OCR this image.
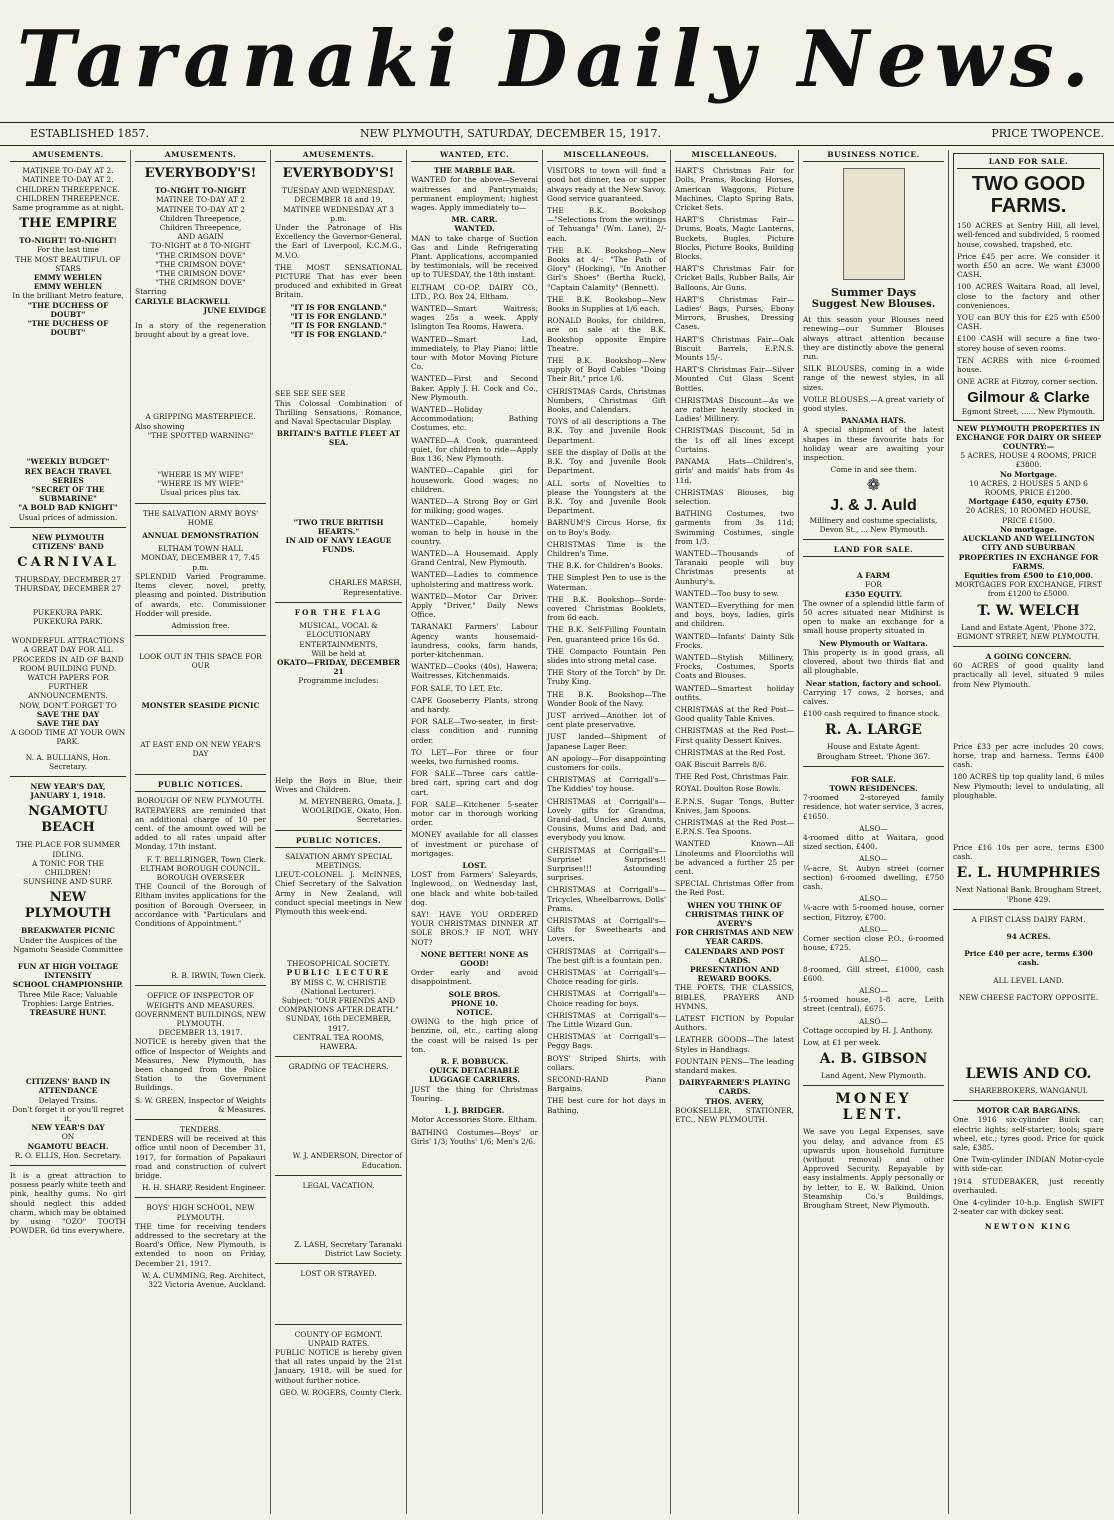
Taranaki Daily News.
ESTABLISHED 1857.	NEW PLYMOUTH, SATURDAY, DECEMBER 15, 1917.	PRICE TWOPENCE.
AMUSEMENTS.
MATINEE TO-DAY AT 2.
MATINEE TO-DAY AT 2.
CHILDREN THREEPENCE.
CHILDREN THREEPENCE.
Same programme as at night.
THE EMPIRE
TO-NIGHT! TO-NIGHT!
For the last time
THE MOST BEAUTIFUL OF STARS
EMMY WEHLEN
EMMY WEHLEN
In the brilliant Metro feature,
"THE DUCHESS OF DOUBT"
"THE DUCHESS OF DOUBT"
"WEEKLY BUDGET"
REX BEACH TRAVEL SERIES
"SECRET OF THE SUBMARINE"
"A BOLD BAD KNIGHT"
Usual prices of admission.
NEW PLYMOUTH CITIZENS' BAND
CARNIVAL
THURSDAY, DECEMBER 27
THURSDAY, DECEMBER 27
PUKEKURA PARK.
PUKEKURA PARK.
WONDERFUL ATTRACTIONS
A GREAT DAY FOR ALL
PROCEEDS IN AID OF BAND ROOM BUILDING FUND.
WATCH PAPERS FOR FURTHER ANNOUNCEMENTS.
NOW, DON'T FORGET TO
SAVE THE DAY
SAVE THE DAY
A GOOD TIME AT YOUR OWN PARK.
N. A. BULLIANS, Hon. Secretary.
NEW YEAR'S DAY, JANUARY 1, 1918.
NGAMOTU BEACH
THE PLACE FOR SUMMER IDLING.
A TONIC FOR THE CHILDREN!
SUNSHINE AND SURF.
NEW PLYMOUTH
BREAKWATER PICNIC
Under the Auspices of the Ngamotu Seaside Committee
FUN AT HIGH VOLTAGE INTENSITY
SCHOOL CHAMPIONSHIP.
Three Mile Race; Valuable Trophies: Large Entries.
TREASURE HUNT.
CITIZENS' BAND IN ATTENDANCE
Delayed Trains.
Don't forget it or you'll regret it,
NEW YEAR'S DAY
ON
NGAMOTU BEACH.
R. O. ELLIS, Hon. Secretary.
It is a great attraction to possess pearly white teeth and pink, healthy gums. No girl should neglect this added charm, which may be obtained by using "OZO" TOOTH POWDER. 6d tins everywhere.
AMUSEMENTS.
EVERYBODY'S!
TO-NIGHT TO-NIGHT
MATINEE TO-DAY AT 2
MATINEE TO-DAY AT 2
Children Threepence,
Children Threepence,
AND AGAIN
TO-NIGHT at 8 TO-NIGHT
"THE CRIMSON DOVE"
"THE CRIMSON DOVE"
"THE CRIMSON DOVE"
"THE CRIMSON DOVE"
Starring
CARLYLE BLACKWELL
JUNE ELVIDGE
In a story of the regeneration brought about by a great love.
A GRIPPING MASTERPIECE.
Also showing
"THE SPOTTED WARNING"
"WHERE IS MY WIFE"
"WHERE IS MY WIFE"
Usual prices plus tax.
THE SALVATION ARMY BOYS' HOME
ANNUAL DEMONSTRATION
ELTHAM TOWN HALL
MONDAY, DECEMBER 17, 7.45 p.m.
SPLENDID Varied Programme. Items clever, novel, pretty, pleasing and pointed. Distribution of awards, etc. Commissioner Hodder will preside.
Admission free.
LOOK OUT IN THIS SPACE FOR OUR
MONSTER SEASIDE PICNIC
AT EAST END ON NEW YEAR'S DAY
PUBLIC NOTICES.
BOROUGH OF NEW PLYMOUTH.
RATEPAYERS are reminded that an additional charge of 10 per cent. of the amount owed will be added to all rates unpaid after Monday, 17th instant.
F. T. BELLRINGER, Town Clerk.
ELTHAM BOROUGH COUNCIL.
BOROUGH OVERSEER
THE Council of the Borough of Eltham invites applications for the position of Borough Overseer, in accordance with "Particulars and Conditions of Appointment."
R. B. IRWIN, Town Clerk.
OFFICE OF INSPECTOR OF WEIGHTS AND MEASURES.
GOVERNMENT BUILDINGS, NEW PLYMOUTH.
DECEMBER 13, 1917.
NOTICE is hereby given that the office of Inspector of Weights and Measures, New Plymouth, has been changed from the Police Station to the Government Buildings.
S. W. GREEN, Inspector of Weights & Measures.
TENDERS.
TENDERS will be received at this office until noon of December 31, 1917, for formation of Papakauri road and construction of culvert bridge.
H. H. SHARP, Resident Engineer.
BOYS' HIGH SCHOOL, NEW PLYMOUTH.
THE time for receiving tenders addressed to the secretary at the Board's Office, New Plymouth, is extended to noon on Friday, December 21, 1917.
W. A. CUMMING, Reg. Architect, 322 Victoria Avenue, Auckland.
AMUSEMENTS.
EVERYBODY'S!
TUESDAY AND WEDNESDAY.
DECEMBER 18 and 19.
MATINEE WEDNESDAY AT 3 p.m.
Under the Patronage of His Excellency the Governor-General, the Earl of Liverpool, K.C.M.G., M.V.O.
THE MOST SENSATIONAL PICTURE That has ever been produced and exhibited in Great Britain.
"IT IS FOR ENGLAND."
"IT IS FOR ENGLAND."
"IT IS FOR ENGLAND."
"IT IS FOR ENGLAND."
SEE SEE SEE SEE
This Colossal Combination of Thrilling Sensations, Romance, and Naval Spectacular Display.
BRITAIN'S BATTLE FLEET AT SEA.
"TWO TRUE BRITISH HEARTS."
IN AID OF NAVY LEAGUE FUNDS.
CHARLES MARSH, Representative.
FOR THE FLAG
MUSICAL, VOCAL & ELOCUTIONARY ENTERTAINMENTS,
Will be held at
OKATO—FRIDAY, DECEMBER 21
Programme includes:
Help the Boys in Blue, their Wives and Children.
M. MEYENBERG, Omata, J. WOOLRIDGE, Okato, Hon. Secretaries.
PUBLIC NOTICES.
SALVATION ARMY SPECIAL MEETINGS.
LIEUT.-COLONEL J. McINNES, Chief Secretary of the Salvation Army in New Zealand, will conduct special meetings in New Plymouth this week-end.
THEOSOPHICAL SOCIETY.
PUBLIC LECTURE
BY MISS C. W. CHRISTIE (National Lecturer).
Subject: "OUR FRIENDS AND COMPANIONS AFTER DEATH."
SUNDAY, 16th DECEMBER, 1917.
CENTRAL TEA ROOMS, HAWERA.
GRADING OF TEACHERS.
W. J. ANDERSON, Director of Education.
LEGAL VACATION.
Z. LASH, Secretary Taranaki District Law Society.
LOST OR STRAYED.
COUNTY OF EGMONT.
UNPAID RATES.
PUBLIC NOTICE is hereby given that all rates unpaid by the 21st January, 1918, will be sued for without further notice.
GEO. W. ROGERS, County Clerk.
WANTED, ETC.
THE MARBLE BAR.
WANTED for the above—Several waitresses and Pantrymaids; permanent employment; highest wages. Apply immediately to—
MR. CARR.
WANTED.
MAN to take charge of Suction Gas and Linde Refrigerating Plant. Applications, accompanied by testimonials, will be received up to TUESDAY, the 18th instant.
ELTHAM CO-OP. DAIRY CO., LTD., P.O. Box 24, Eltham.
WANTED—Smart Waitress; wages 25s a week. Apply Islington Tea Rooms, Hawera.
WANTED—Smart Lad, immediately, to Play Piano; little tour with Motor Moving Picture Co.
WANTED—First and Second Baker. Apply J. H. Cock and Co., New Plymouth.
WANTED—Holiday Accommodation; Bathing Costumes, etc.
WANTED—A Cook, guaranteed quiet, for children to ride—Apply Box 136, New Plymouth.
WANTED—Capable girl for housework. Good wages; no children.
WANTED—A Strong Boy or Girl for milking; good wages.
WANTED—Capable, homely woman to help in house in the country.
WANTED—A Housemaid. Apply Grand Central, New Plymouth.
WANTED—Ladies to commence upholstering and mattress work.
WANTED—Motor Car Driver. Apply "Driver," Daily News Office.
TARANAKI Farmers' Labour Agency wants housemaid-laundress, cooks, farm hands, porter-kitchenman.
WANTED—Cooks (40s), Hawera; Waitresses, Kitchenmaids.
FOR SALE, TO LET, Etc.
CAPE Gooseberry Plants, strong and hardy.
FOR SALE—Two-seater, in first-class condition and running order.
TO LET—For three or four weeks, two furnished rooms.
FOR SALE—Three cars cattle-bred cart, spring cart and dog cart.
FOR SALE—Kitchener 5-seater motor car in thorough working order.
MONEY available for all classes of investment or purchase of mortgages.
LOST.
LOST from Farmers' Saleyards, Inglewood, on Wednesday last, one black and white bob-tailed dog.
SAY! HAVE YOU ORDERED YOUR CHRISTMAS DINNER AT SOLE BROS.? IF NOT, WHY NOT?
NONE BETTER! NONE AS GOOD!
Order early and avoid disappointment.
SOLE BROS.
PHONE 10.
NOTICE.
OWING to the high price of benzine, oil, etc., carting along the coast will be raised 1s per ton.
R. F. BOBBUCK.
QUICK DETACHABLE LUGGAGE CARRIERS.
JUST the thing for Christmas Touring.
I. J. BRIDGER.
Motor Accessories Store. Eltham.
BATHING Costumes—Boys' or Girls' 1/3; Youths' 1/6; Men's 2/6.
MISCELLANEOUS.
VISITORS to town will find a good hot dinner, tea or supper always ready at the New Savoy. Good service guaranteed.
THE B.K. Bookshop—"Selections from the writings of Tehuanga" (Wm. Lane), 2/- each.
THE B.K. Bookshop—New Books at 4/-: "The Path of Glory" (Hocking), "In Another Girl's Shoes" (Bertha Ruck), "Captain Calamity" (Bennett).
THE B.K. Bookshop—New Books in Supplies at 1/6 each.
RONALD Books, for children, are on sale at the B.K. Bookshop opposite Empire Theatre.
THE B.K. Bookshop—New supply of Boyd Cables "Doing Their Bit," price 1/6.
CHRISTMAS Cards, Christmas Numbers, Christmas Gift Books, and Calendars.
TOYS of all descriptions a The B.K. Toy and Juvenile Book Department.
SEE the display of Dolls at the B.K. Toy and Juvenile Book Department.
ALL sorts of Novelties to please the Youngsters at the B.K. Toy and Juvenile Book Department.
BARNUM'S Circus Horse, fix on to Boy's Body.
CHRISTMAS Time is the Children's Time.
THE B.K. for Children's Books.
THE Simplest Pen to use is the Waterman.
THE B.K. Bookshop—Sorde-covered Christmas Booklets, from 6d each.
THE B.K. Self-Filling Fountain Pen, guaranteed price 16s 6d.
THE Compacto Fountain Pen slides into strong metal case.
THE Story of the Torch" by Dr. Truby King.
THE B.K. Bookshop—The Wonder Book of the Navy.
JUST arrived—Another lot of cent plate preservative.
JUST landed—Shipment of Japanese Lager Beer.
AN apology—For disappointing customers for coils.
CHRISTMAS at Corrigall's—The Kiddies' toy house.
CHRISTMAS at Corrigall's—Lovely gifts for Grandma, Grand-dad, Uncles and Aunts, Cousins, Mums and Dad, and everybody you know.
CHRISTMAS at Corrigall's—Surprise! Surprises!! Surprises!!! Astounding surprises.
CHRISTMAS at Corrigall's—Tricycles, Wheelbarrows, Dolls' Prams.
CHRISTMAS at Corrigall's—Gifts for Sweethearts and Lovers.
CHRISTMAS at Corrigall's—The best gift is a fountain pen.
CHRISTMAS at Corrigall's—Choice reading for girls.
CHRISTMAS at Corrigall's—Choice reading for boys.
CHRISTMAS at Corrigall's—The Little Wizard Gun.
CHRISTMAS at Corrigall's—Peggy Bags.
BOYS' Striped Shirts, with collars.
SECOND-HAND Piano Bargains.
THE best cure for hot days in Bathing.
MISCELLANEOUS.
HART'S Christmas Fair for Dolls, Prams, Rocking Horses, American Waggons, Picture Machines, Clapto Spring Bats, Cricket Sets.
HART'S Christmas Fair—Drums, Boats, Magic Lanterns, Buckets, Bugles, Picture Blocks, Picture Books, Building Blocks.
HART'S Christmas Fair for Cricket Balls, Rubber Balls, Air Balloons, Air Guns.
HART'S Christmas Fair—Ladies' Bags, Purses, Ebony Mirrors, Brushes, Dressing Cases.
HART'S Christmas Fair—Oak Biscuit Barrels, E.P.N.S. Mounts 15/-.
HART'S Christmas Fair—Silver Mounted Cut Glass Scent Bottles.
CHRISTMAS Discount—As we are rather heavily stocked in Ladies' Millinery.
CHRISTMAS Discount, 5d in the 1s off all lines except Curtains.
PANAMA Hats—Children's, girls' and maids' hats from 4s 11d.
CHRISTMAS Blouses, big selection.
BATHING Costumes, two garments from 3s 11d; Swimming Costumes, single from 1/3.
WANTED—Thousands of Taranaki people will buy Christmas presents at Aunbury's.
WANTED—Too busy to sew.
WANTED—Everything for men and boys, boys, ladies, girls and children.
WANTED—Infants' Dainty Silk Frocks.
WANTED—Stylish Millinery, Frocks, Costumes, Sports Coats and Blouses.
WANTED—Smartest holiday outfits.
CHRISTMAS at the Red Post—Good quality Table Knives.
CHRISTMAS at the Red Post—First quality Dessert Knives.
CHRISTMAS at the Red Post.
OAK Biscuit Barrels 8/6.
THE Red Post, Christmas Fair.
ROYAL Doulton Rose Bowls.
E.P.N.S. Sugar Tongs, Butter Knives, Jam Spoons.
CHRISTMAS at the Red Post—E.P.N.S. Tea Spoons.
WANTED Known—All Linoleums and Floorcloths will be advanced a further 25 per cent.
SPECIAL Christmas Offer from the Red Post.
WHEN YOU THINK OF CHRISTMAS THINK OF
AVERY'S
FOR CHRISTMAS AND NEW YEAR CARDS.
CALENDARS AND POST CARDS.
PRESENTATION AND REWARD BOOKS.
THE POETS, THE CLASSICS, BIBLES, PRAYERS AND HYMNS.
LATEST FICTION by Popular Authors.
LEATHER GOODS—The latest Styles in Handbags.
FOUNTAIN PENS—The leading standard makes.
DAIRYFARMER'S PLAYING CARDS.
THOS. AVERY,
BOOKSELLER, STATIONER, ETC., NEW PLYMOUTH.
BUSINESS NOTICE.
Summer Days
Suggest New Blouses.
At this season your Blouses need renewing—our Summer Blouses always attract attention because they are distinctly above the general run.
SILK BLOUSES, coming in a wide range of the newest styles, in all sizes.
VOILE BLOUSES.—A great variety of good styles.
PANAMA HATS.
A special shipment of the latest shapes in these favourite hats for holiday wear are awaiting your inspection.
Come in and see them.
❁
J. & J. Auld
Millinery and costume specialists, Devon St., ... New Plymouth.
LAND FOR SALE.
A FARM
FOR
£350 EQUITY.
The owner of a splendid little farm of 50 acres situated near Midhirst is open to make an exchange for a small house property situated in
New Plymouth or Waitara.
This property is in good grass, all clovered, about two thirds flat and all ploughable.
Near station, factory and school.
Carrying 17 cows, 2 horses, and calves.
£100 cash required to finance stock.
R. A. LARGE
House and Estate Agent.
Brougham Street. 'Phone 367.
FOR SALE.
TOWN RESIDENCES.
7-roomed 2-storeyed family residence, hot water service, 3 acres, £1650.
ALSO—
4-roomed ditto at Waitara, good sized section, £400.
ALSO—
¼-acre, St. Aubyn street (corner section) 6-roomed dwelling, £750 cash.
ALSO—
¼-acre with 5-roomed house, corner section, Fitzroy, £700.
ALSO—
Corner section close P.O., 6-roomed house, £725.
ALSO—
8-roomed, Gill street, £1000, cash £600.
ALSO—
5-roomed house, 1-8 acre, Leith street (central), £675.
ALSO—
Cottage occupied by H. J. Anthony.
Low, at £1 per week.
A. B. GIBSON
Land Agent, New Plymouth.
MONEY LENT.
We save you Legal Expenses, save you delay, and advance from £5 upwards upon household furniture (without removal) and other Approved Security. Repayable by easy instalments. Apply personally or by letter, to E. W. Balkind, Union Steamship Co.'s Buildings, Brougham Street, New Plymouth.
LAND FOR SALE.
TWO GOOD FARMS.
150 ACRES at Sentry Hill, all level, well-fenced and subdivided, 5 roomed house, cowshed, trapshed, etc.
Price £45 per acre. We consider it worth £50 an acre. We want £3000 CASH.
100 ACRES Waitara Road, all level, close to the factory and other conveniences.
YOU can BUY this for £25 with £500 CASH.
£100 CASH will secure a fine two-storey house of seven rooms.
TEN ACRES with nice 6-roomed house.
ONE ACRE at Fitzroy, corner section.
Gilmour & Clarke
Egmont Street, ...... New Plymouth.
NEW PLYMOUTH PROPERTIES IN EXCHANGE FOR DAIRY OR SHEEP COUNTRY:—
5 ACRES, HOUSE 4 ROOMS, PRICE £3800.
No Mortgage.
10 ACRES, 2 HOUSES 5 AND 6 ROOMS, PRICE £1200.
Mortgage £450, equity £750.
20 ACRES, 10 ROOMED HOUSE, PRICE £1500.
No mortgage.
AUCKLAND AND WELLINGTON CITY AND SUBURBAN PROPERTIES IN EXCHANGE FOR FARMS.
Equities from £500 to £10,000.
MORTGAGES FOR EXCHANGE, FIRST from £1200 to £5000.
T. W. WELCH
Land and Estate Agent, 'Phone 372. EGMONT STREET, NEW PLYMOUTH.
A GOING CONCERN.
60 ACRES of good quality land practically all level, situated 9 miles from New Plymouth.
Price £33 per acre includes 20 cows, horse, trap and harness. Terms £400 cash.
180 ACRES tip top quality land, 6 miles New Plymouth; level to undulating, all ploughable.
Price £16 10s per acre, terms £300 cash.
E. L. HUMPHRIES
Next National Bank, Brougham Street, 'Phone 429.
A FIRST CLASS DAIRY FARM.
94 ACRES.
Price £40 per acre, terms £300 cash.
ALL LEVEL LAND.
NEW CHEESE FACTORY OPPOSITE.
LEWIS AND CO.
SHAREBROKERS, WANGANUI.
MOTOR CAR BARGAINS.
One 1916 six-cylinder Buick car; electric lights; self-starter; tools; spare wheel, etc.; tyres good. Price for quick sale, £385.
One Twin-cylinder INDIAN Motor-cycle with side-car.
1914 STUDEBAKER, just recently overhauled.
One 4-cylinder 10-h.p. English SWIFT 2-seater car with dickey seat.
NEWTON KING
